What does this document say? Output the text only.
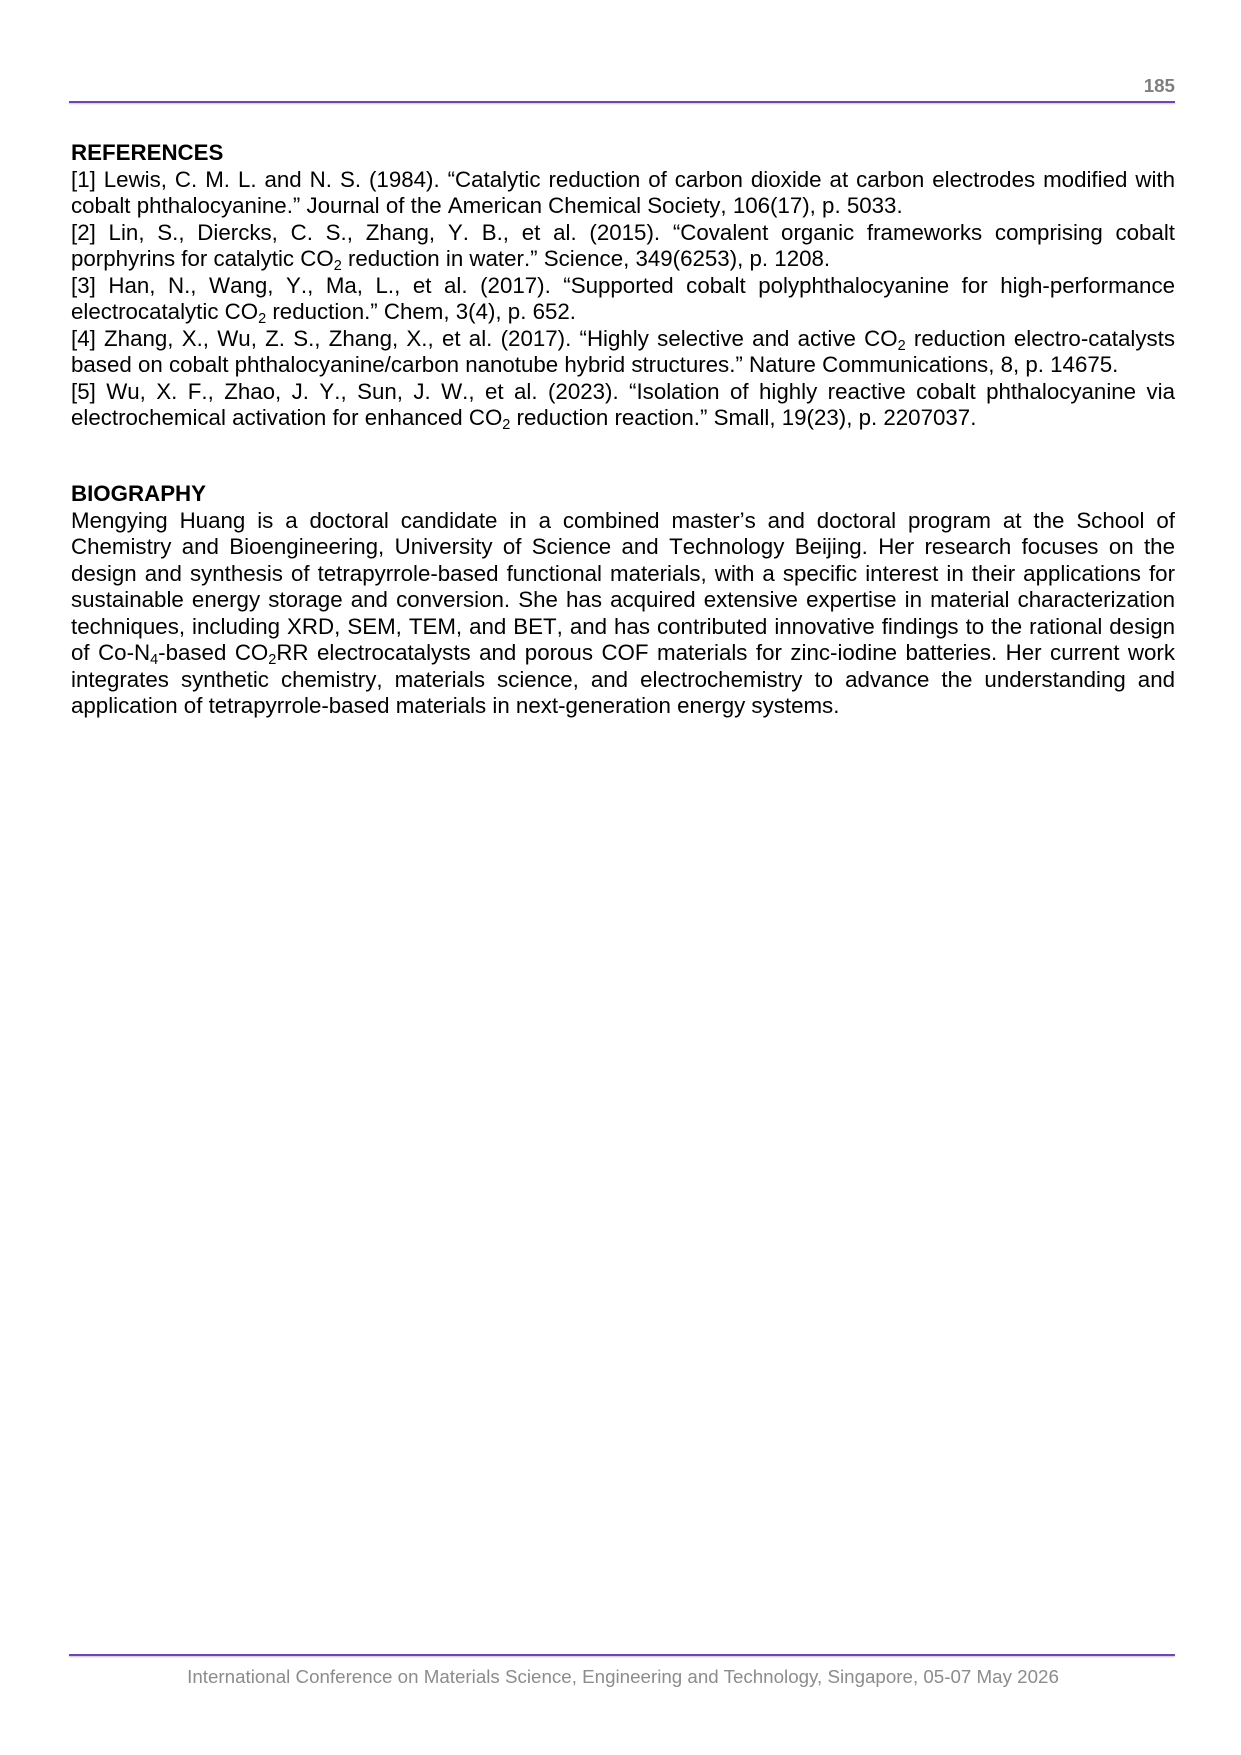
185
REFERENCES
[1] Lewis, C. M. L. and N. S. (1984). “Catalytic reduction of carbon dioxide at carbon electrodes modified with
cobalt phthalocyanine.” Journal of the American Chemical Society, 106(17), p. 5033.
[2] Lin, S., Diercks, C. S., Zhang, Y. B., et al. (2015). “Covalent organic frameworks comprising cobalt
porphyrins for catalytic $CO_2$ reduction in water.” Science, 349(6253), p. 1208.
[3] Han, N., Wang, Y., Ma, L., et al. (2017). “Supported cobalt polyphthalocyanine for high-performance
electrocatalytic $CO_2$ reduction.” Chem, 3(4), p. 652.
[4] Zhang, X., Wu, Z. S., Zhang, X., et al. (2017). “Highly selective and active $CO_2$ reduction electro-catalysts
based on cobalt phthalocyanine/carbon nanotube hybrid structures.” Nature Communications, 8, p. 14675.
[5] Wu, X. F., Zhao, J. Y., Sun, J. W., et al. (2023). “Isolation of highly reactive cobalt phthalocyanine via
electrochemical activation for enhanced $CO_2$ reduction reaction.” Small, 19(23), p. 2207037.
BIOGRAPHY
Mengying Huang is a doctoral candidate in a combined master’s and doctoral program at the School of
Chemistry and Bioengineering, University of Science and Technology Beijing. Her research focuses on the
design and synthesis of tetrapyrrole-based functional materials, with a specific interest in their applications for
sustainable energy storage and conversion. She has acquired extensive expertise in material characterization
techniques, including XRD, SEM, TEM, and BET, and has contributed innovative findings to the rational design
of $Co-N_4$-based $CO_2RR$ electrocatalysts and porous COF materials for zinc-iodine batteries. Her current work
integrates synthetic chemistry, materials science, and electrochemistry to advance the understanding and
application of tetrapyrrole-based materials in next-generation energy systems.
International Conference on Materials Science, Engineering and Technology, Singapore, 05-07 May 2026
